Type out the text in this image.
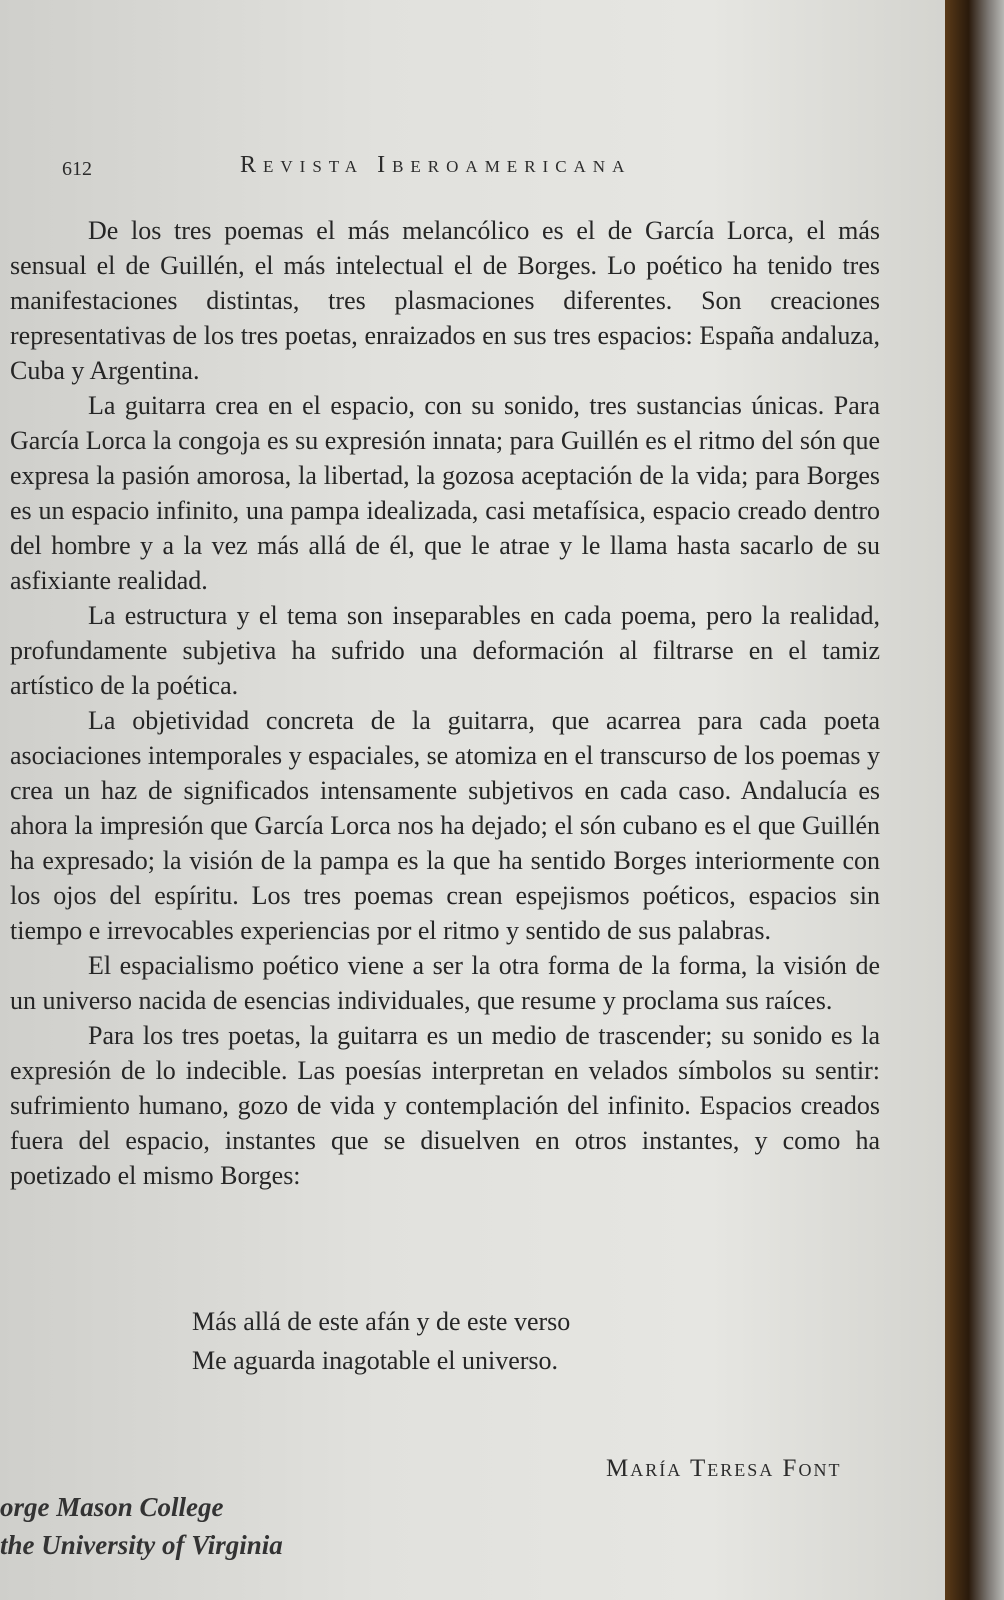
612	Revista Iberoamericana

De los tres poemas el más melancólico es el de García Lorca, el más sensual el de Guillén, el más intelectual el de Borges. Lo poético ha tenido tres manifestaciones distintas, tres plasmaciones diferentes. Son creaciones representativas de los tres poetas, enraizados en sus tres espacios: España andaluza, Cuba y Argentina.

La guitarra crea en el espacio, con su sonido, tres sustancias únicas. Para García Lorca la congoja es su expresión innata; para Guillén es el ritmo del són que expresa la pasión amorosa, la libertad, la gozosa aceptación de la vida; para Borges es un espacio infinito, una pampa idealizada, casi metafísica, espacio creado dentro del hombre y a la vez más allá de él, que le atrae y le llama hasta sacarlo de su asfixiante realidad.

La estructura y el tema son inseparables en cada poema, pero la realidad, profundamente subjetiva ha sufrido una deformación al filtrarse en el tamiz artístico de la poética.

La objetividad concreta de la guitarra, que acarrea para cada poeta asociaciones intemporales y espaciales, se atomiza en el transcurso de los poemas y crea un haz de significados intensamente subjetivos en cada caso. Andalucía es ahora la impresión que García Lorca nos ha dejado; el són cubano es el que Guillén ha expresado; la visión de la pampa es la que ha sentido Borges interiormente con los ojos del espíritu. Los tres poemas crean espejismos poéticos, espacios sin tiempo e irrevocables experiencias por el ritmo y sentido de sus palabras.

El espacialismo poético viene a ser la otra forma de la forma, la visión de un universo nacida de esencias individuales, que resume y proclama sus raíces.

Para los tres poetas, la guitarra es un medio de trascender; su sonido es la expresión de lo indecible. Las poesías interpretan en velados símbolos su sentir: sufrimiento humano, gozo de vida y contemplación del infinito. Espacios creados fuera del espacio, instantes que se disuelven en otros instantes, y como ha poetizado el mismo Borges:

Más allá de este afán y de este verso
Me aguarda inagotable el universo.
María Teresa Font
orge Mason College
the University of Virginia
